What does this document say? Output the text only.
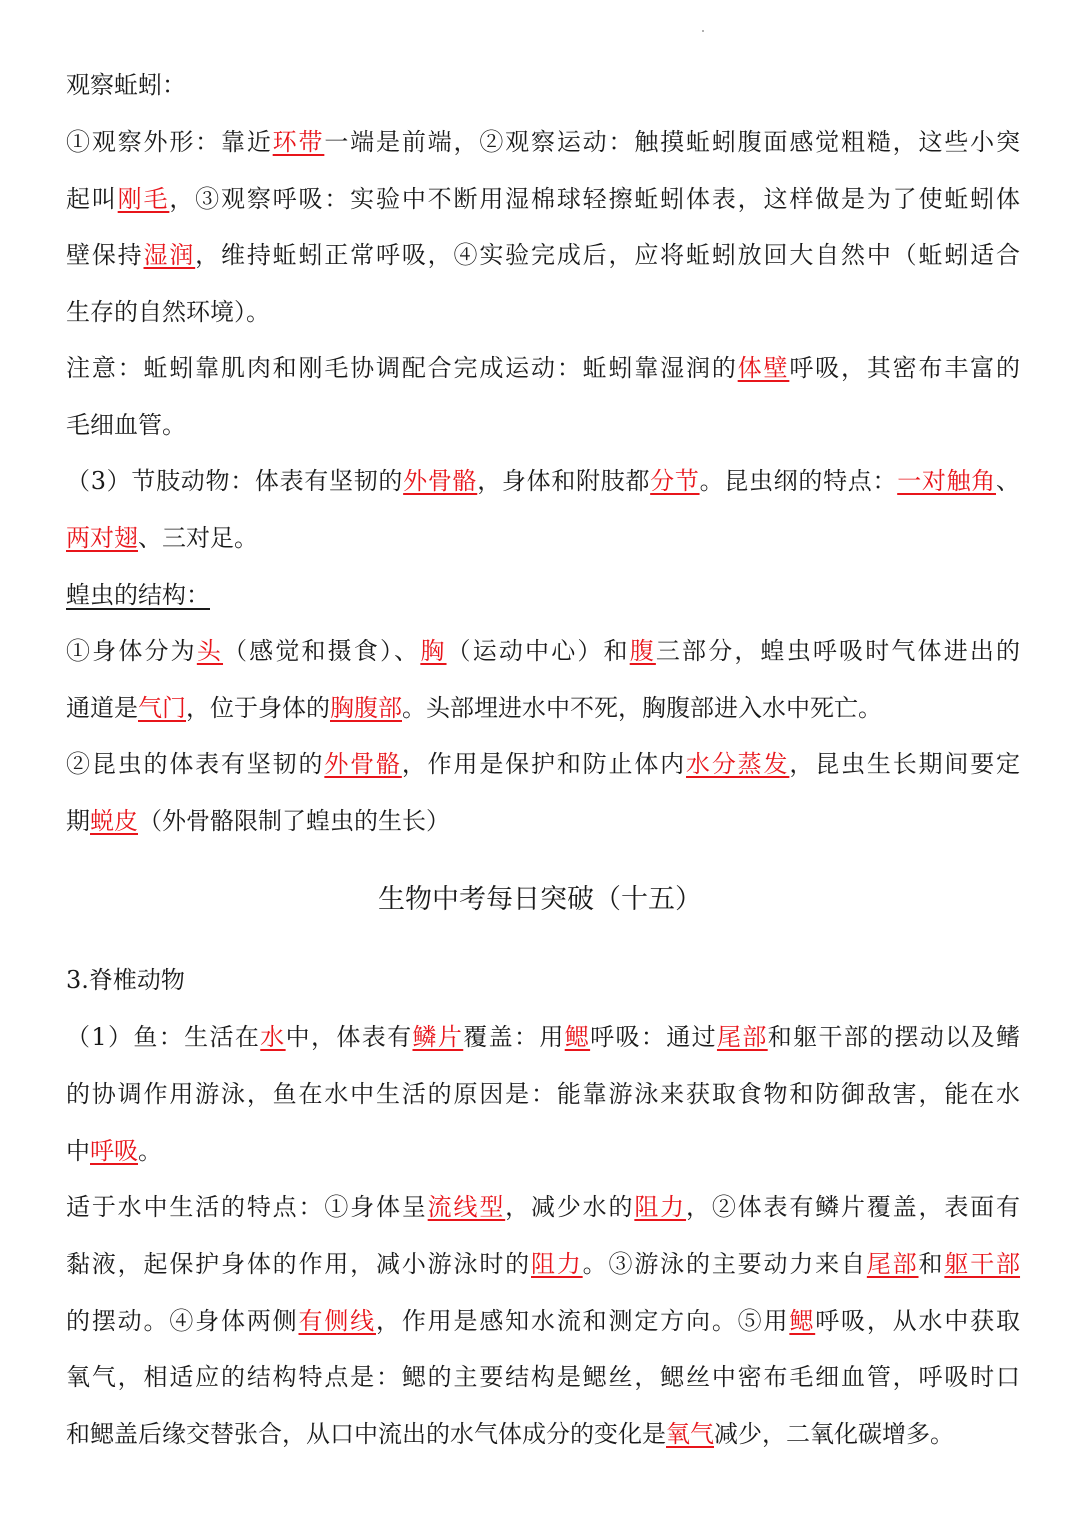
生物中考每日突破（十五）

观察蚯蚓：

①观察外形：靠近环带一端是前端，②观察运动：触摸蚯蚓腹面感觉粗糙，这些小突

起叫刚毛，③观察呼吸：实验中不断用湿棉球轻擦蚯蚓体表，这样做是为了使蚯蚓体

壁保持湿润，维持蚯蚓正常呼吸，④实验完成后，应将蚯蚓放回大自然中（蚯蚓适合

生存的自然环境）。

注意：蚯蚓靠肌肉和刚毛协调配合完成运动：蚯蚓靠湿润的体壁呼吸，其密布丰富的

毛细血管。

（3）节肢动物：体表有坚韧的外骨骼，身体和附肢都分节。昆虫纲的特点：一对触角、

两对翅、三对足。

蝗虫的结构：

①身体分为头（感觉和摄食）、胸（运动中心）和腹三部分，蝗虫呼吸时气体进出的

通道是气门，位于身体的胸腹部。头部埋进水中不死，胸腹部进入水中死亡。

②昆虫的体表有坚韧的外骨骼，作用是保护和防止体内水分蒸发，昆虫生长期间要定

期蜕皮（外骨骼限制了蝗虫的生长）

3.脊椎动物

（1）鱼：生活在水中，体表有鳞片覆盖：用鳃呼吸：通过尾部和躯干部的摆动以及鳍

的协调作用游泳，鱼在水中生活的原因是：能靠游泳来获取食物和防御敌害，能在水

中呼吸。

适于水中生活的特点：①身体呈流线型，减少水的阻力，②体表有鳞片覆盖，表面有

黏液，起保护身体的作用，减小游泳时的阻力。③游泳的主要动力来自尾部和躯干部

的摆动。④身体两侧有侧线，作用是感知水流和测定方向。⑤用鳃呼吸，从水中获取

氧气，相适应的结构特点是：鳃的主要结构是鳃丝，鳃丝中密布毛细血管，呼吸时口

和鳃盖后缘交替张合，从口中流出的水气体成分的变化是氧气减少，二氧化碳增多。
